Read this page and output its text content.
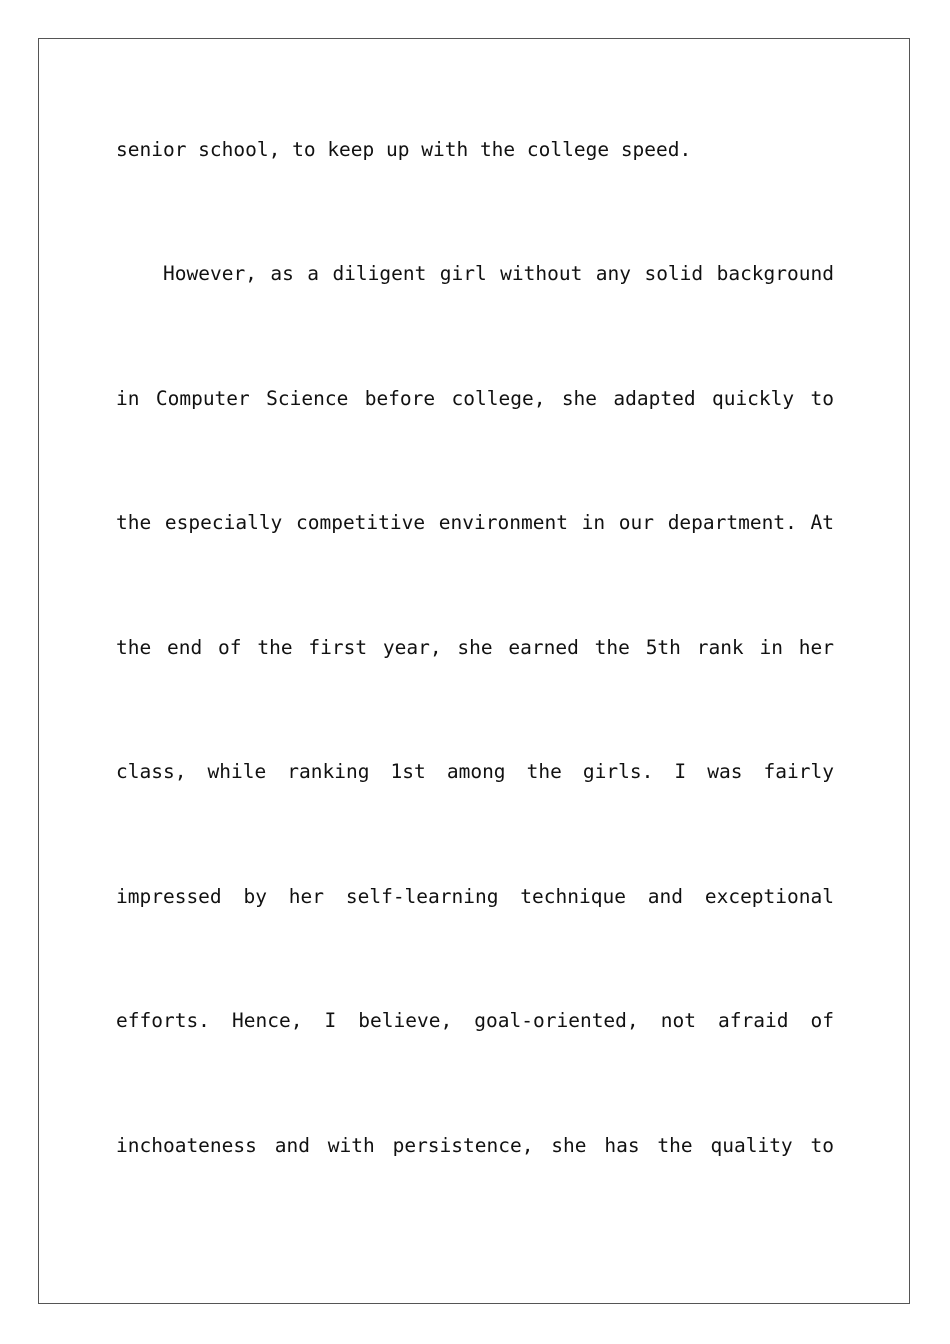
senior school, to keep up with the college speed.
However, as a diligent girl without any solid background
in Computer Science before college, she adapted quickly to
the especially competitive environment in our department. At
the end of the first year, she earned the 5th rank in her
class, while ranking 1st among the girls. I was fairly
impressed by her self-learning technique and exceptional
efforts. Hence, I believe, goal-oriented, not afraid of
inchoateness and with persistence, she has the quality to
